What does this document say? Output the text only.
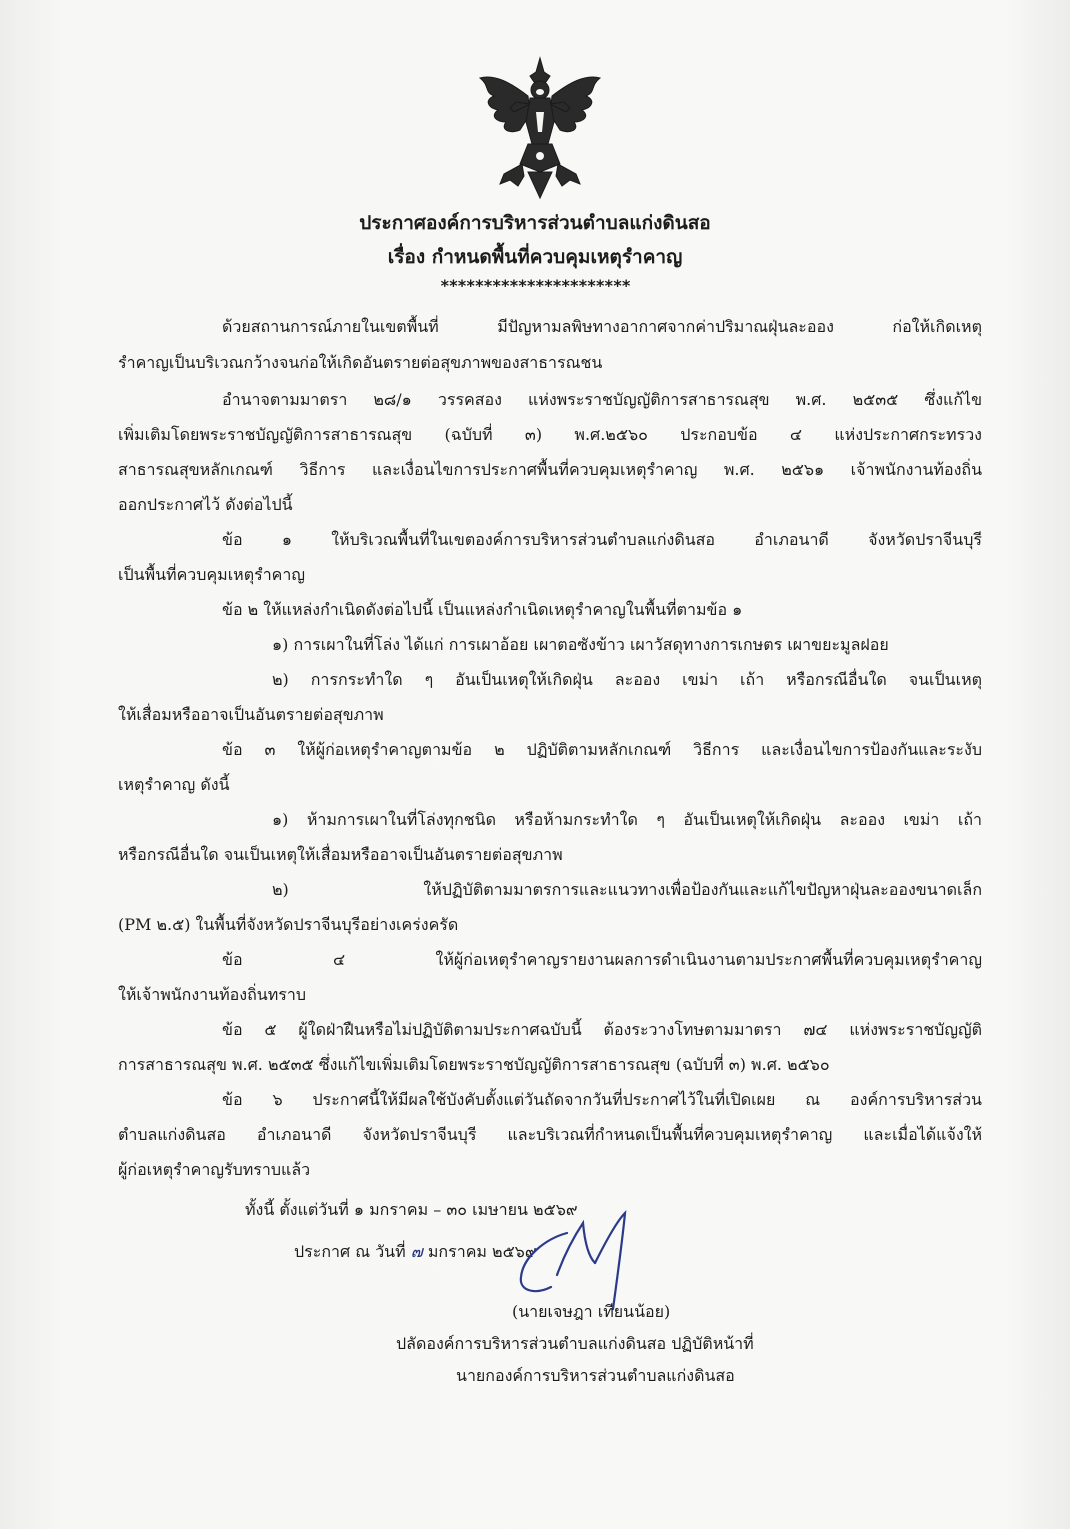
ประกาศองค์การบริหารส่วนตำบลแก่งดินสอ
เรื่อง กำหนดพื้นที่ควบคุมเหตุรำคาญ
**********************
ด้วยสถานการณ์ภายในเขตพื้นที่ มีปัญหามลพิษทางอากาศจากค่าปริมาณฝุ่นละออง ก่อให้เกิดเหตุ
รำคาญเป็นบริเวณกว้างจนก่อให้เกิดอันตรายต่อสุขภาพของสาธารณชน
อำนาจตามมาตรา ๒๘/๑ วรรคสอง แห่งพระราชบัญญัติการสาธารณสุข พ.ศ. ๒๕๓๕ ซึ่งแก้ไข
เพิ่มเติมโดยพระราชบัญญัติการสาธารณสุข (ฉบับที่ ๓) พ.ศ.๒๕๖๐ ประกอบข้อ ๔ แห่งประกาศกระทรวง
สาธารณสุขหลักเกณฑ์ วิธีการ และเงื่อนไขการประกาศพื้นที่ควบคุมเหตุรำคาญ พ.ศ. ๒๕๖๑ เจ้าพนักงานท้องถิ่น
ออกประกาศไว้ ดังต่อไปนี้
ข้อ ๑ ให้บริเวณพื้นที่ในเขตองค์การบริหารส่วนตำบลแก่งดินสอ อำเภอนาดี จังหวัดปราจีนบุรี
เป็นพื้นที่ควบคุมเหตุรำคาญ
ข้อ ๒ ให้แหล่งกำเนิดดังต่อไปนี้ เป็นแหล่งกำเนิดเหตุรำคาญในพื้นที่ตามข้อ ๑
๑) การเผาในที่โล่ง ได้แก่ การเผาอ้อย เผาตอซังข้าว เผาวัสดุทางการเกษตร เผาขยะมูลฝอย
๒) การกระทำใด ๆ อันเป็นเหตุให้เกิดฝุ่น ละออง เขม่า เถ้า หรือกรณีอื่นใด จนเป็นเหตุ
ให้เสื่อมหรืออาจเป็นอันตรายต่อสุขภาพ
ข้อ ๓ ให้ผู้ก่อเหตุรำคาญตามข้อ ๒ ปฏิบัติตามหลักเกณฑ์ วิธีการ และเงื่อนไขการป้องกันและระงับ
เหตุรำคาญ ดังนี้
๑) ห้ามการเผาในที่โล่งทุกชนิด หรือห้ามกระทำใด ๆ อันเป็นเหตุให้เกิดฝุ่น ละออง เขม่า เถ้า
หรือกรณีอื่นใด จนเป็นเหตุให้เสื่อมหรืออาจเป็นอันตรายต่อสุขภาพ
๒) ให้ปฏิบัติตามมาตรการและแนวทางเพื่อป้องกันและแก้ไขปัญหาฝุ่นละอองขนาดเล็ก
(PM ๒.๕) ในพื้นที่จังหวัดปราจีนบุรีอย่างเคร่งครัด
ข้อ ๔ ให้ผู้ก่อเหตุรำคาญรายงานผลการดำเนินงานตามประกาศพื้นที่ควบคุมเหตุรำคาญ
ให้เจ้าพนักงานท้องถิ่นทราบ
ข้อ ๕ ผู้ใดฝ่าฝืนหรือไม่ปฏิบัติตามประกาศฉบับนี้ ต้องระวางโทษตามมาตรา ๗๔ แห่งพระราชบัญญัติ
การสาธารณสุข พ.ศ. ๒๕๓๕ ซึ่งแก้ไขเพิ่มเติมโดยพระราชบัญญัติการสาธารณสุข (ฉบับที่ ๓) พ.ศ. ๒๕๖๐
ข้อ ๖ ประกาศนี้ให้มีผลใช้บังคับตั้งแต่วันถัดจากวันที่ประกาศไว้ในที่เปิดเผย ณ องค์การบริหารส่วน
ตำบลแก่งดินสอ อำเภอนาดี จังหวัดปราจีนบุรี และบริเวณที่กำหนดเป็นพื้นที่ควบคุมเหตุรำคาญ และเมื่อได้แจ้งให้
ผู้ก่อเหตุรำคาญรับทราบแล้ว
ทั้งนี้ ตั้งแต่วันที่ ๑ มกราคม – ๓๐ เมษายน ๒๕๖๙
ประกาศ ณ วันที่ ๗ มกราคม ๒๕๖๙
(นายเจษฎา เทียนน้อย)
ปลัดองค์การบริหารส่วนตำบลแก่งดินสอ ปฏิบัติหน้าที่
นายกองค์การบริหารส่วนตำบลแก่งดินสอ
